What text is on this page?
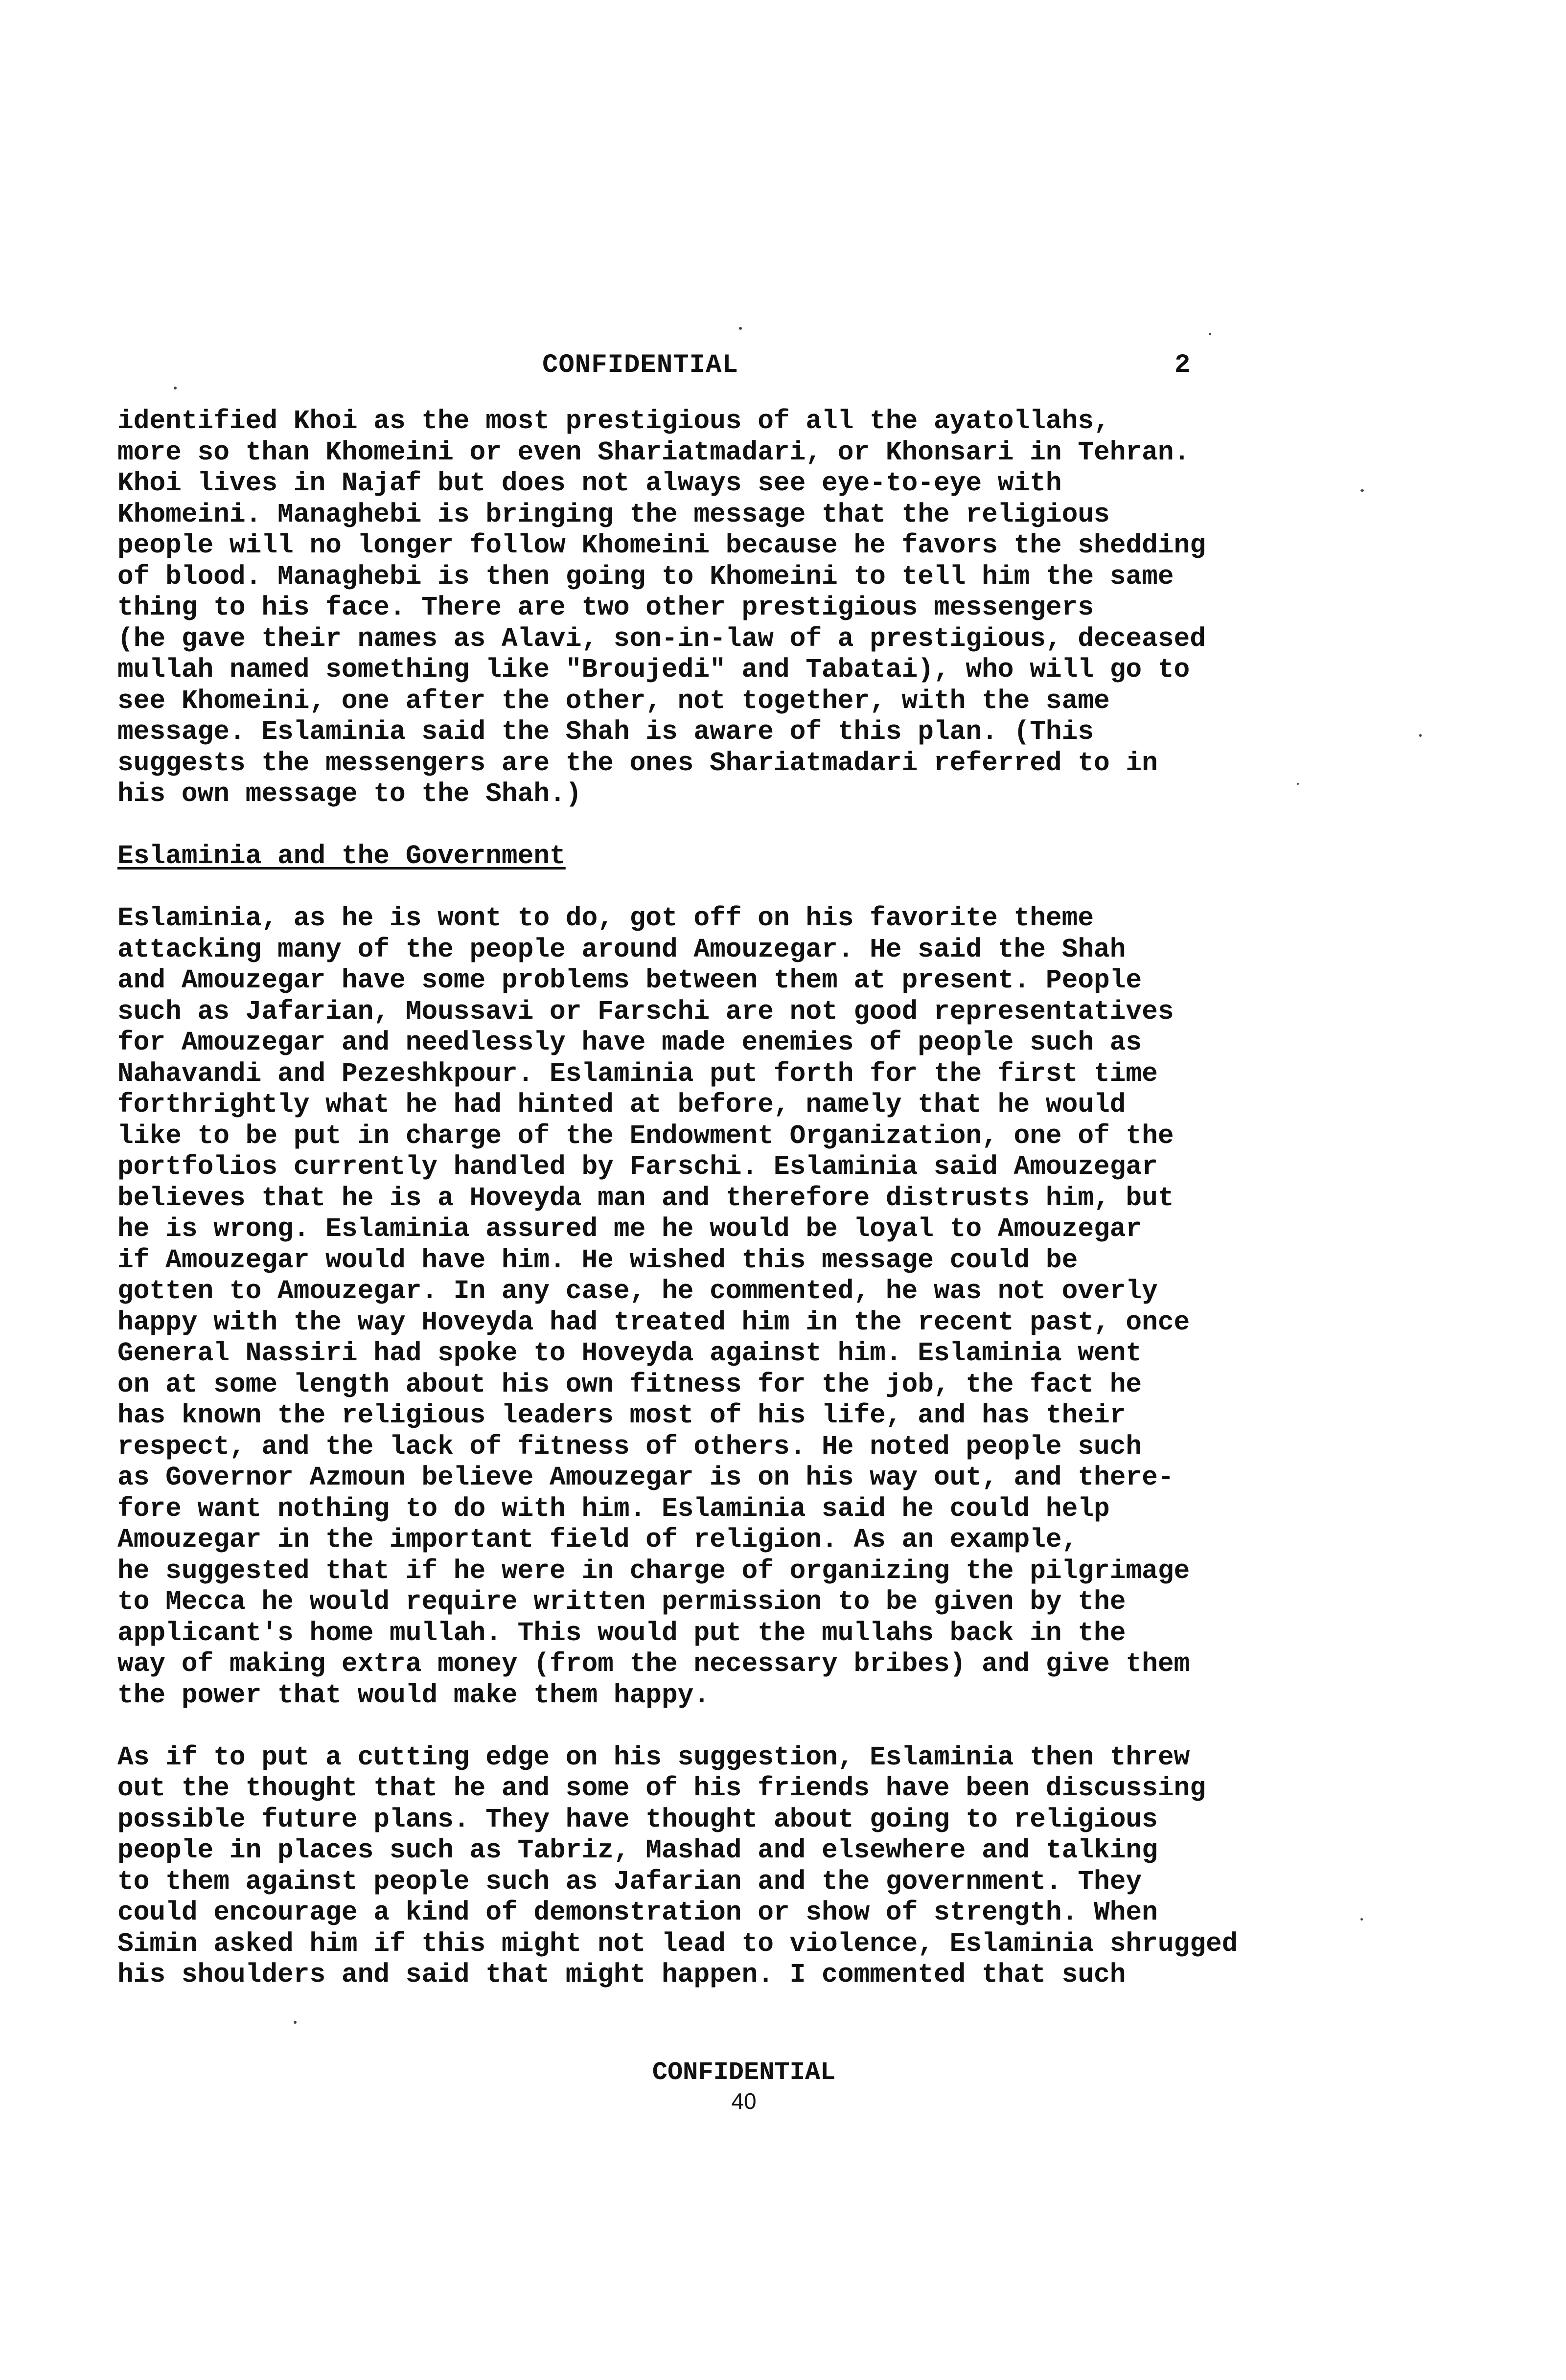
CONFIDENTIAL	2

identified Khoi as the most prestigious of all the ayatollahs,
more so than Khomeini or even Shariatmadari, or Khonsari in Tehran.
Khoi lives in Najaf but does not always see eye-to-eye with
Khomeini. Managhebi is bringing the message that the religious
people will no longer follow Khomeini because he favors the shedding
of blood. Managhebi is then going to Khomeini to tell him the same
thing to his face. There are two other prestigious messengers
(he gave their names as Alavi, son-in-law of a prestigious, deceased
mullah named something like "Broujedi" and Tabatai), who will go to
see Khomeini, one after the other, not together, with the same
message. Eslaminia said the Shah is aware of this plan. (This
suggests the messengers are the ones Shariatmadari referred to in
his own message to the Shah.)

Eslaminia and the Government

Eslaminia, as he is wont to do, got off on his favorite theme
attacking many of the people around Amouzegar. He said the Shah
and Amouzegar have some problems between them at present. People
such as Jafarian, Moussavi or Farschi are not good representatives
for Amouzegar and needlessly have made enemies of people such as
Nahavandi and Pezeshkpour. Eslaminia put forth for the first time
forthrightly what he had hinted at before, namely that he would
like to be put in charge of the Endowment Organization, one of the
portfolios currently handled by Farschi. Eslaminia said Amouzegar
believes that he is a Hoveyda man and therefore distrusts him, but
he is wrong. Eslaminia assured me he would be loyal to Amouzegar
if Amouzegar would have him. He wished this message could be
gotten to Amouzegar. In any case, he commented, he was not overly
happy with the way Hoveyda had treated him in the recent past, once
General Nassiri had spoke to Hoveyda against him. Eslaminia went
on at some length about his own fitness for the job, the fact he
has known the religious leaders most of his life, and has their
respect, and the lack of fitness of others. He noted people such
as Governor Azmoun believe Amouzegar is on his way out, and there-
fore want nothing to do with him. Eslaminia said he could help
Amouzegar in the important field of religion. As an example,
he suggested that if he were in charge of organizing the pilgrimage
to Mecca he would require written permission to be given by the
applicant's home mullah. This would put the mullahs back in the
way of making extra money (from the necessary bribes) and give them
the power that would make them happy.

As if to put a cutting edge on his suggestion, Eslaminia then threw
out the thought that he and some of his friends have been discussing
possible future plans. They have thought about going to religious
people in places such as Tabriz, Mashad and elsewhere and talking
to them against people such as Jafarian and the government. They
could encourage a kind of demonstration or show of strength. When
Simin asked him if this might not lead to violence, Eslaminia shrugged
his shoulders and said that might happen. I commented that such

CONFIDENTIAL
40
